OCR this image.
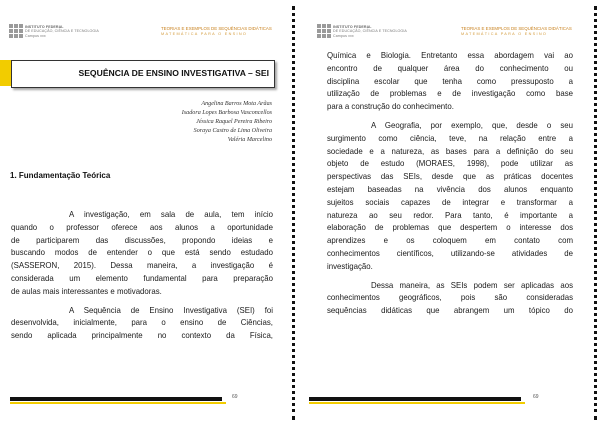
INSTITUTO FEDERAL
DE EDUCAÇÃO, CIÊNCIA E TECNOLOGIA
Campus xxx
TEORIAS E EXEMPLOS DE SEQUÊNCIAS DIDÁTICAS
MATEMÁTICA PARA O ENSINO
SEQUÊNCIA DE ENSINO INVESTIGATIVA – SEI
Angelina Barros Mota Arãas
Isadora Lopes Barbosa Vasconcellos
Jéssica Raquel Pereira Ribeiro
Soraya Castro de Lima Oliveira
Valéria Marcelino
1. Fundamentação Teórica
A investigação, em sala de aula, tem início
quando o professor oferece aos alunos a oportunidade
de participarem das discussões, propondo ideias e
buscando modos de entender o que está sendo estudado
(SASSERON, 2015). Dessa maneira, a investigação é
considerada um elemento fundamental para preparação
de aulas mais interessantes e motivadoras.
A Sequência de Ensino Investigativa (SEI) foi
desenvolvida, inicialmente, para o ensino de Ciências,
sendo aplicada principalmente no contexto da Física,
69
INSTITUTO FEDERAL
DE EDUCAÇÃO, CIÊNCIA E TECNOLOGIA
Campus xxx
TEORIAS E EXEMPLOS DE SEQUÊNCIAS DIDÁTICAS
MATEMÁTICA PARA O ENSINO
69
Química e Biologia. Entretanto essa abordagem vai ao
encontro de qualquer área do conhecimento ou
disciplina escolar que tenha como pressuposto a
utilização de problemas e de investigação como base
para a construção do conhecimento.
A Geografia, por exemplo, que, desde o seu
surgimento como ciência, teve, na relação entre a
sociedade e a natureza, as bases para a definição do seu
objeto de estudo (MORAES, 1998), pode utilizar as
perspectivas das SEIs, desde que as práticas docentes
estejam baseadas na vivência dos alunos enquanto
sujeitos sociais capazes de integrar e transformar a
natureza ao seu redor. Para tanto, é importante a
elaboração de problemas que despertem o interesse dos
aprendizes e os coloquem em contato com
conhecimentos científicos, utilizando-se atividades de
investigação.
Dessa maneira, as SEIs podem ser aplicadas aos
conhecimentos geográficos, pois são consideradas
sequências didáticas que abrangem um tópico do
